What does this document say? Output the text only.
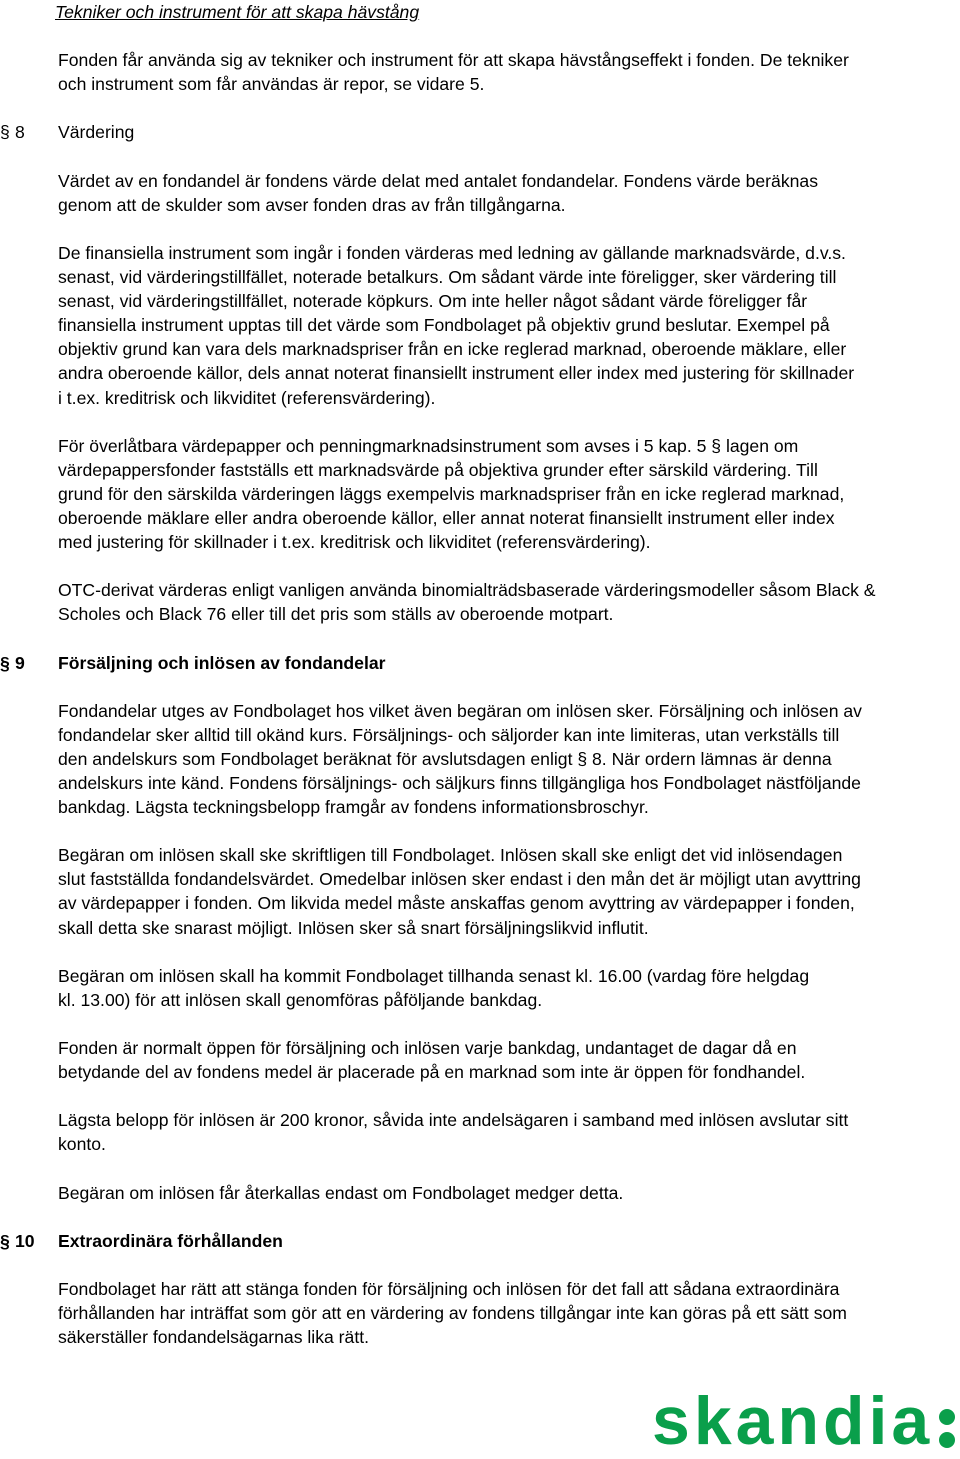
Tekniker och instrument för att skapa hävstång

Fonden får använda sig av tekniker och instrument för att skapa hävstångseffekt i fonden. De tekniker
och instrument som får användas är repor, se vidare 5.

§ 8 Värdering

Värdet av en fondandel är fondens värde delat med antalet fondandelar. Fondens värde beräknas
genom att de skulder som avser fonden dras av från tillgångarna.

De finansiella instrument som ingår i fonden värderas med ledning av gällande marknadsvärde, d.v.s.
senast, vid värderingstillfället, noterade betalkurs. Om sådant värde inte föreligger, sker värdering till
senast, vid värderingstillfället, noterade köpkurs. Om inte heller något sådant värde föreligger får
finansiella instrument upptas till det värde som Fondbolaget på objektiv grund beslutar. Exempel på
objektiv grund kan vara dels marknadspriser från en icke reglerad marknad, oberoende mäklare, eller
andra oberoende källor, dels annat noterat finansiellt instrument eller index med justering för skillnader
i t.ex. kreditrisk och likviditet (referensvärdering).

För överlåtbara värdepapper och penningmarknadsinstrument som avses i 5 kap. 5 § lagen om
värdepappersfonder fastställs ett marknadsvärde på objektiva grunder efter särskild värdering. Till
grund för den särskilda värderingen läggs exempelvis marknadspriser från en icke reglerad marknad,
oberoende mäklare eller andra oberoende källor, eller annat noterat finansiellt instrument eller index
med justering för skillnader i t.ex. kreditrisk och likviditet (referensvärdering).

OTC-derivat värderas enligt vanligen använda binomialträdsbaserade värderingsmodeller såsom Black &
Scholes och Black 76 eller till det pris som ställs av oberoende motpart.

§ 9 Försäljning och inlösen av fondandelar

Fondandelar utges av Fondbolaget hos vilket även begäran om inlösen sker. Försäljning och inlösen av
fondandelar sker alltid till okänd kurs. Försäljnings- och säljorder kan inte limiteras, utan verkställs till
den andelskurs som Fondbolaget beräknat för avslutsdagen enligt § 8. När ordern lämnas är denna
andelskurs inte känd. Fondens försäljnings- och säljkurs finns tillgängliga hos Fondbolaget nästföljande
bankdag. Lägsta teckningsbelopp framgår av fondens informationsbroschyr.

Begäran om inlösen skall ske skriftligen till Fondbolaget. Inlösen skall ske enligt det vid inlösendagen
slut fastställda fondandelsvärdet. Omedelbar inlösen sker endast i den mån det är möjligt utan avyttring
av värdepapper i fonden. Om likvida medel måste anskaffas genom avyttring av värdepapper i fonden,
skall detta ske snarast möjligt. Inlösen sker så snart försäljningslikvid influtit.

Begäran om inlösen skall ha kommit Fondbolaget tillhanda senast kl. 16.00 (vardag före helgdag
kl. 13.00) för att inlösen skall genomföras påföljande bankdag.

Fonden är normalt öppen för försäljning och inlösen varje bankdag, undantaget de dagar då en
betydande del av fondens medel är placerade på en marknad som inte är öppen för fondhandel.

Lägsta belopp för inlösen är 200 kronor, såvida inte andelsägaren i samband med inlösen avslutar sitt
konto.

Begäran om inlösen får återkallas endast om Fondbolaget medger detta.

§ 10 Extraordinära förhållanden

Fondbolaget har rätt att stänga fonden för försäljning och inlösen för det fall att sådana extraordinära
förhållanden har inträffat som gör att en värdering av fondens tillgångar inte kan göras på ett sätt som
säkerställer fondandelsägarnas lika rätt.

skandia
